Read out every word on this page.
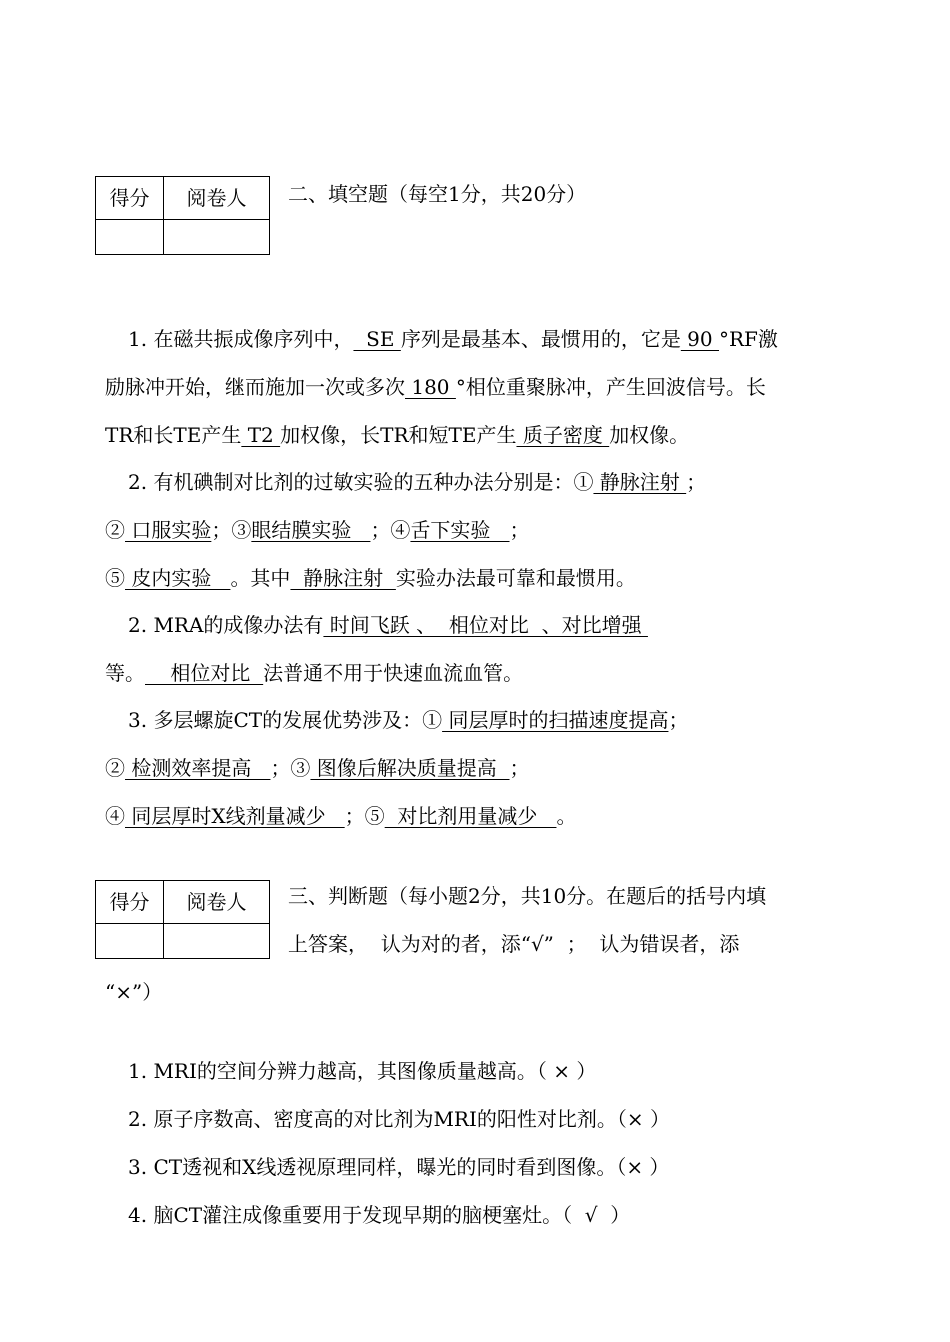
得分	阅卷人
	二、填空题（每空1分，共20分）
1. 在磁共振成像序列中，  SE 序列是最基本、最惯用的，它是 90 °RF激
励脉冲开始，继而施加一次或多次 180 °相位重聚脉冲，产生回波信号。长
TR和长TE产生 T2 加权像，长TR和短TE产生 质子密度 加权像。
2. 有机碘制对比剂的过敏实验的五种办法分别是：① 静脉注射 ；
② 口服实验；③眼结膜实验   ；④舌下实验   ；
⑤ 皮内实验   。其中  静脉注射  实验办法最可靠和最惯用。
2. MRA的成像办法有 时间飞跃 、  相位对比  、对比增强
等。    相位对比  法普通不用于快速血流血管。
3. 多层螺旋CT的发展优势涉及：① 同层厚时的扫描速度提高；
② 检测效率提高   ；③ 图像后解决质量提高  ；
④ 同层厚时X线剂量减少   ；⑤  对比剂用量减少   。
得分	阅卷人
	三、判断题（每小题2分，共10分。在题后的括号内填
上答案，  认为对的者，添“√”  ；  认为错误者，添
“×”）
1. MRI的空间分辨力越高，其图像质量越高。（ × ）
2. 原子序数高、密度高的对比剂为MRI的阳性对比剂。（× ）
3. CT透视和X线透视原理同样，曝光的同时看到图像。（× ）
4. 脑CT灌注成像重要用于发现早期的脑梗塞灶。（  √  ）
